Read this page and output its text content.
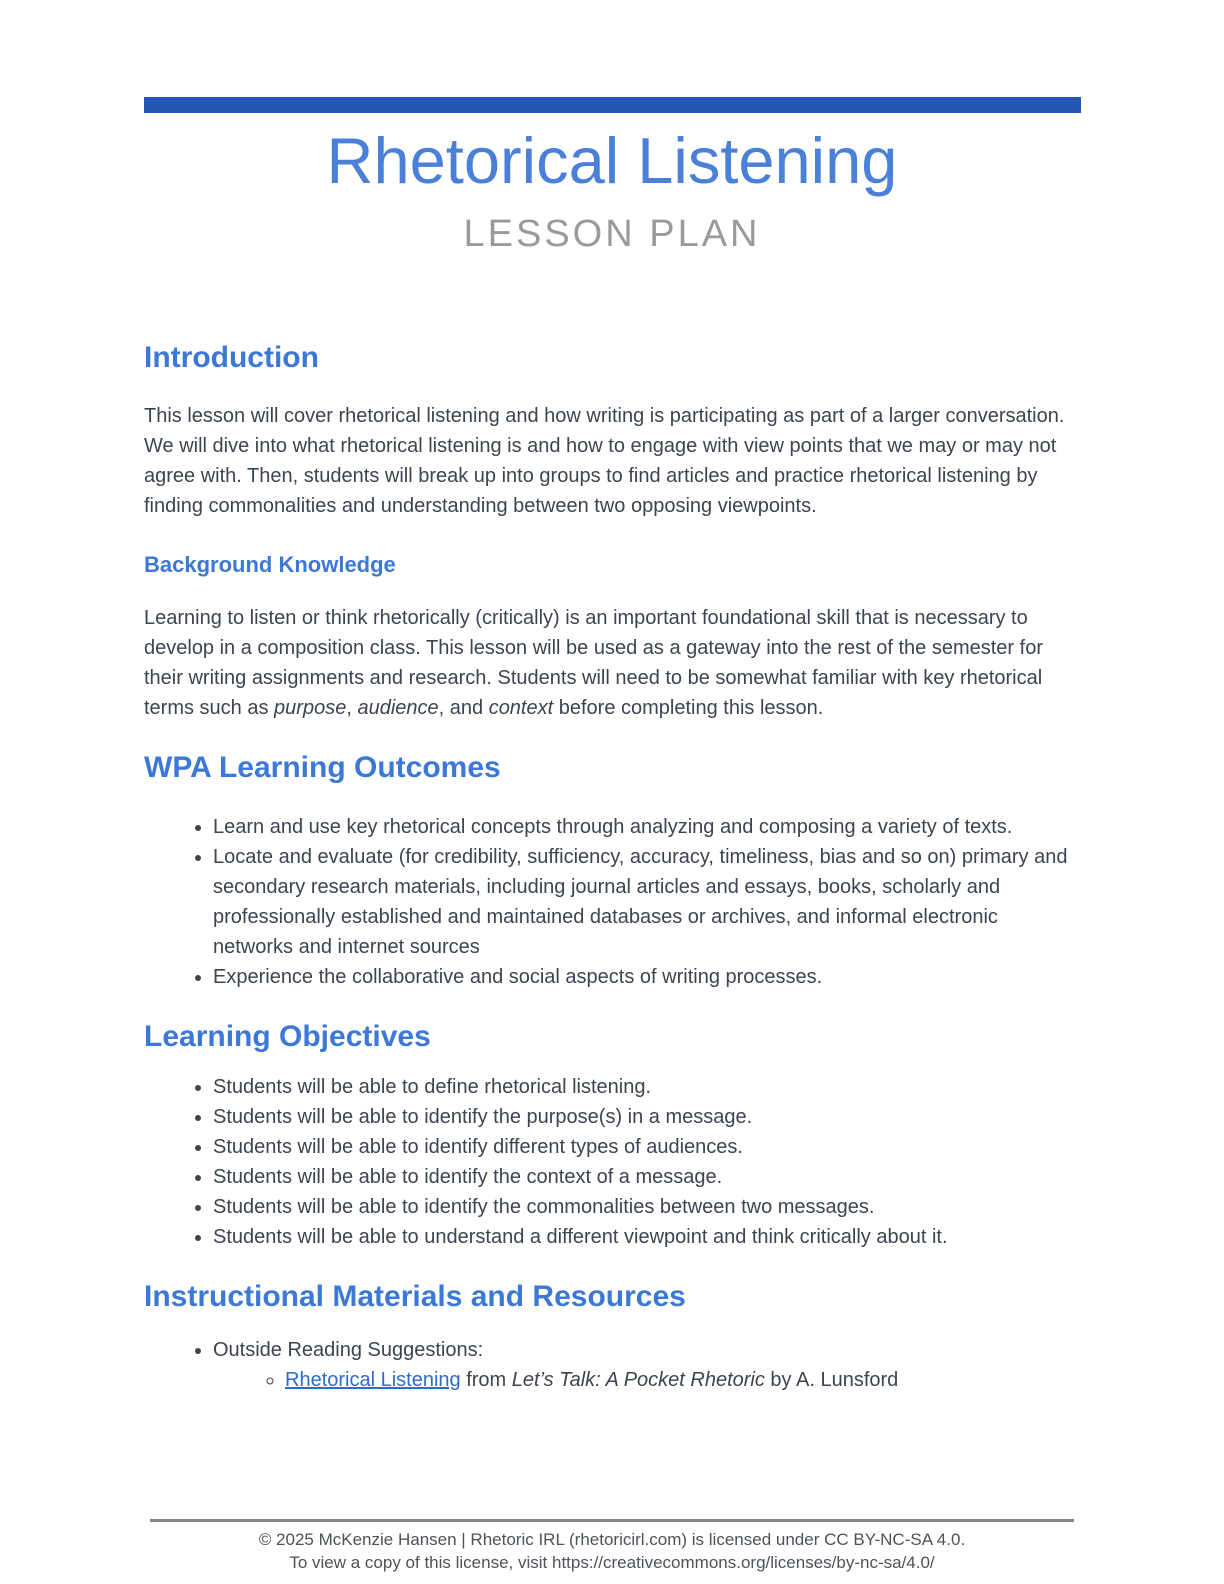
Rhetorical Listening
LESSON PLAN
Introduction

This lesson will cover rhetorical listening and how writing is participating as part of a larger conversation. We will dive into what rhetorical listening is and how to engage with view points that we may or may not agree with. Then, students will break up into groups to find articles and practice rhetorical listening by finding commonalities and understanding between two opposing viewpoints.

Background Knowledge

Learning to listen or think rhetorically (critically) is an important foundational skill that is necessary to develop in a composition class. This lesson will be used as a gateway into the rest of the semester for their writing assignments and research. Students will need to be somewhat familiar with key rhetorical terms such as purpose, audience, and context before completing this lesson.

WPA Learning Outcomes
• Learn and use key rhetorical concepts through analyzing and composing a variety of texts.
• Locate and evaluate (for credibility, sufficiency, accuracy, timeliness, bias and so on) primary and secondary research materials, including journal articles and essays, books, scholarly and professionally established and maintained databases or archives, and informal electronic networks and internet sources
• Experience the collaborative and social aspects of writing processes.
Learning Objectives
• Students will be able to define rhetorical listening.
• Students will be able to identify the purpose(s) in a message.
• Students will be able to identify different types of audiences.
• Students will be able to identify the context of a message.
• Students will be able to identify the commonalities between two messages.
• Students will be able to understand a different viewpoint and think critically about it.
Instructional Materials and Resources
• Outside Reading Suggestions:
◦ Rhetorical Listening from Let’s Talk: A Pocket Rhetoric by A. Lunsford
© 2025 McKenzie Hansen | Rhetoric IRL (rhetoricirl.com) is licensed under CC BY-NC-SA 4.0.
To view a copy of this license, visit https://creativecommons.org/licenses/by-nc-sa/4.0/
